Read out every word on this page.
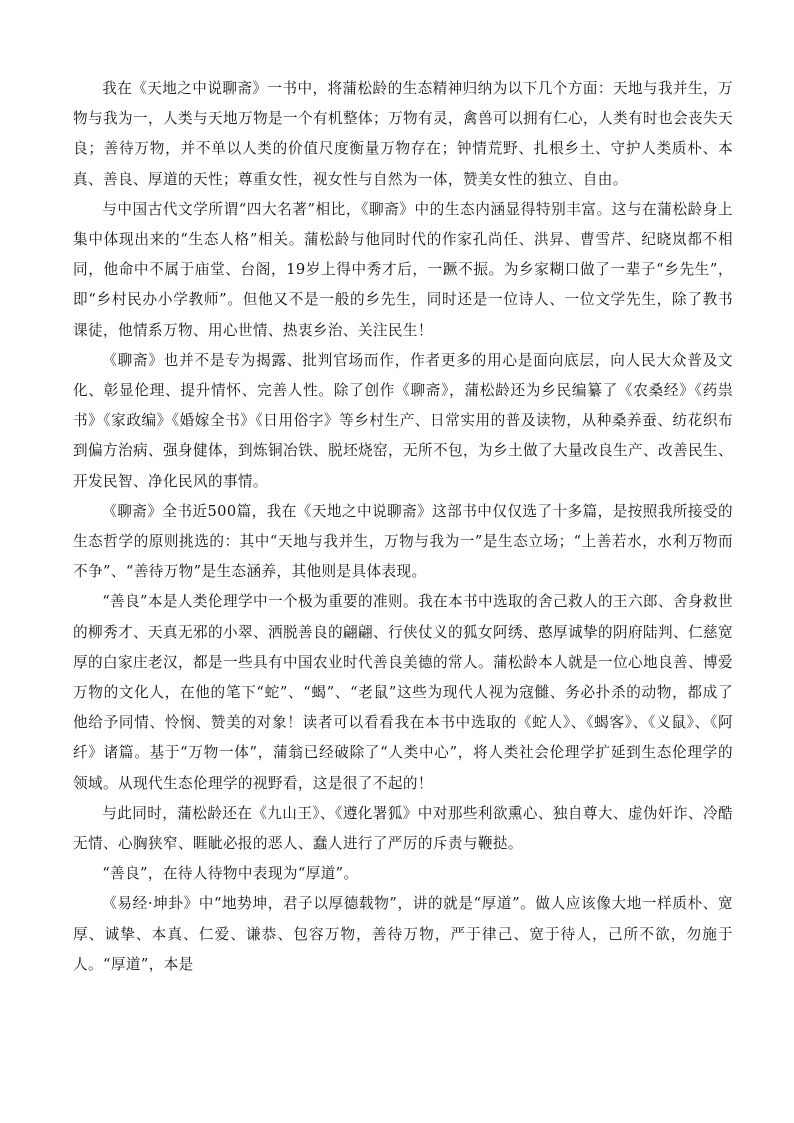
我在《天地之中说聊斋》一书中，将蒲松龄的生态精神归纳为以下几个方面：天地与我并生，万物与我为一，人类与天地万物是一个有机整体；万物有灵，禽兽可以拥有仁心，人类有时也会丧失天良；善待万物，并不单以人类的价值尺度衡量万物存在；钟情荒野、扎根乡土、守护人类质朴、本真、善良、厚道的天性；尊重女性，视女性与自然为一体，赞美女性的独立、自由。

与中国古代文学所谓“四大名著”相比，《聊斋》中的生态内涵显得特别丰富。这与在蒲松龄身上集中体现出来的“生态人格”相关。蒲松龄与他同时代的作家孔尚任、洪昇、曹雪芹、纪晓岚都不相同，他命中不属于庙堂、台阁，19岁上得中秀才后，一蹶不振。为乡家糊口做了一辈子“乡先生”，即“乡村民办小学教师”。但他又不是一般的乡先生，同时还是一位诗人、一位文学先生，除了教书课徒，他情系万物、用心世情、热衷乡治、关注民生！

《聊斋》也并不是专为揭露、批判官场而作，作者更多的用心是面向底层，向人民大众普及文化、彰显伦理、提升情怀、完善人性。除了创作《聊斋》，蒲松龄还为乡民编纂了《农桑经》《药祟书》《家政编》《婚嫁全书》《日用俗字》等乡村生产、日常实用的普及读物，从种桑养蚕、纺花织布到偏方治病、强身健体，到炼铜冶铁、脱坯烧窑，无所不包，为乡土做了大量改良生产、改善民生、开发民智、净化民风的事情。

《聊斋》全书近500篇，我在《天地之中说聊斋》这部书中仅仅选了十多篇，是按照我所接受的生态哲学的原则挑选的：其中“天地与我并生，万物与我为一”是生态立场；“上善若水，水利万物而不争”、“善待万物”是生态涵养，其他则是具体表现。

“善良”本是人类伦理学中一个极为重要的准则。我在本书中选取的舍己救人的王六郎、舍身救世的柳秀才、天真无邪的小翠、洒脱善良的翩翩、行侠仗义的狐女阿绣、憨厚诚挚的阴府陆判、仁慈宽厚的白家庄老汉，都是一些具有中国农业时代善良美德的常人。蒲松龄本人就是一位心地良善、博爱万物的文化人，在他的笔下“蛇”、“蝎”、“老鼠”这些为现代人视为寇雠、务必扑杀的动物，都成了他给予同情、怜悯、赞美的对象！读者可以看看我在本书中选取的《蛇人》、《蝎客》、《义鼠》、《阿纤》诸篇。基于“万物一体”，蒲翁已经破除了“人类中心”，将人类社会伦理学扩延到生态伦理学的领域。从现代生态伦理学的视野看，这是很了不起的！

与此同时，蒲松龄还在《九山王》、《遵化署狐》中对那些利欲熏心、独自尊大、虚伪奸诈、冷酷无情、心胸狭窄、睚眦必报的恶人、蠢人进行了严厉的斥责与鞭挞。

“善良”，在待人待物中表现为“厚道”。

《易经·坤卦》中“地势坤，君子以厚德载物”，讲的就是“厚道”。做人应该像大地一样质朴、宽厚、诚挚、本真、仁爱、谦恭、包容万物，善待万物，严于律己、宽于待人，己所不欲，勿施于人。“厚道”，本是
